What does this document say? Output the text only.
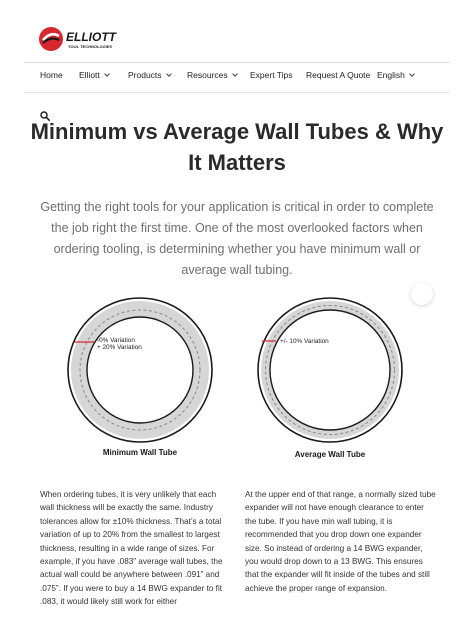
ELLIOTT
TOOL TECHNOLOGIES
Home Elliott	Products	Resources	Expert Tips Request A Quote English
Minimum vs Average Wall Tubes & Why It Matters

Getting the right tools for your application is critical in order to complete the job right the first time. One of the most overlooked factors when ordering tooling, is determining whether you have minimum wall or average wall tubing.

-0% Variation
+ 20% Variation
Minimum Wall Tube
+/- 10% Variation
Average Wall Tube

When ordering tubes, it is very unlikely that each wall thickness will be exactly the same. Industry tolerances allow for ±10% thickness. That’s a total variation of up to 20% from the smallest to largest thickness, resulting in a wide range of sizes. For example, if you have .083” average wall tubes, the actual wall could be anywhere between .091” and .075”. If you were to buy a 14 BWG expander to fit .083, it would likely still work for either

At the upper end of that range, a normally sized tube expander will not have enough clearance to enter the tube. If you have min wall tubing, it is recommended that you drop down one expander size. So instead of ordering a 14 BWG expander, you would drop down to a 13 BWG. This ensures that the expander will fit inside of the tubes and still achieve the proper range of expansion.
